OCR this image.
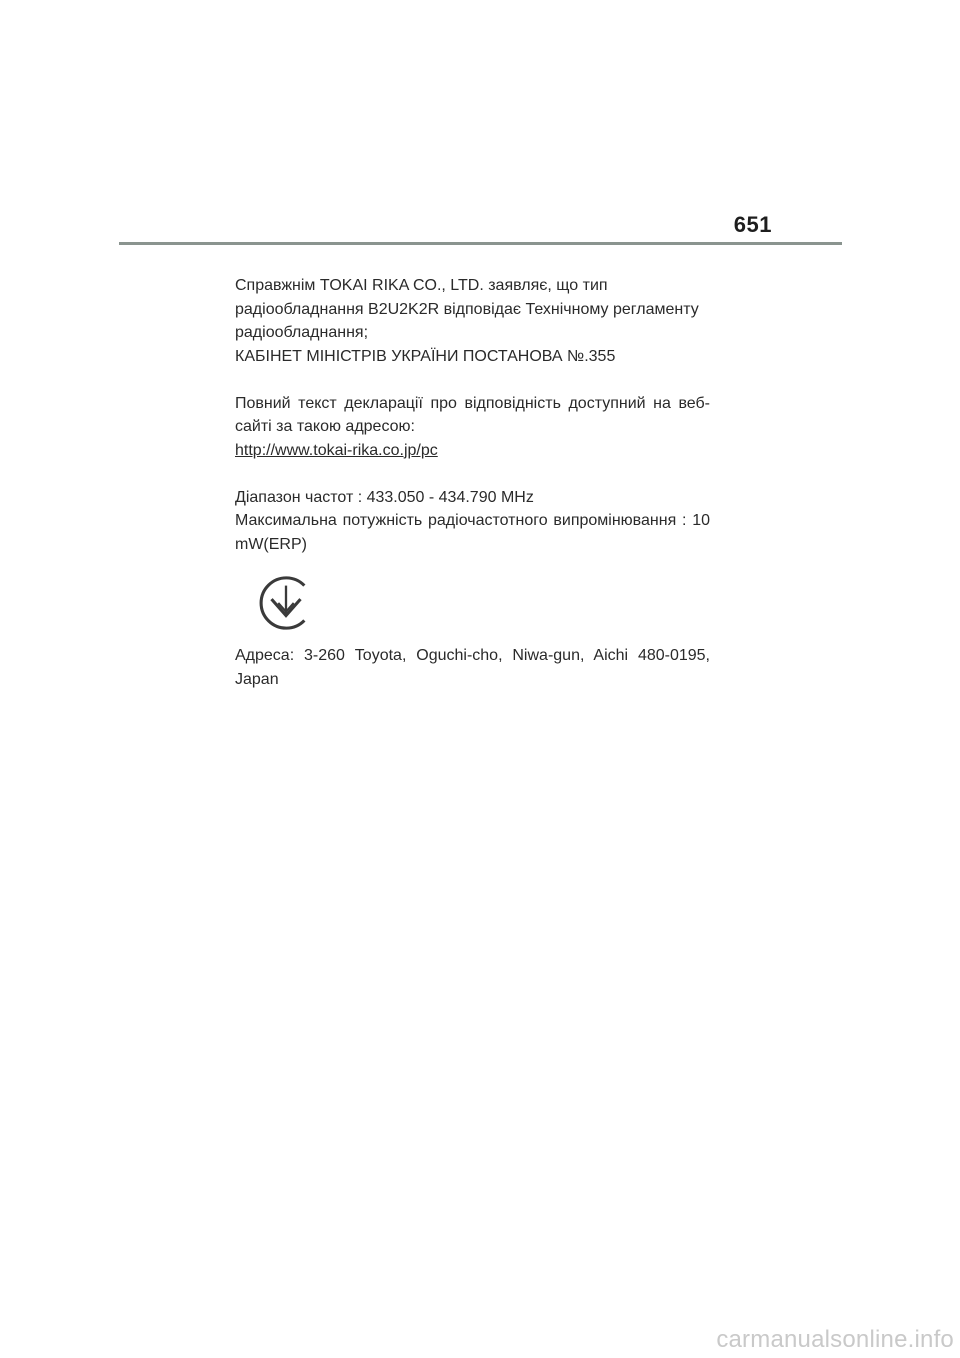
651

Справжнім TOKAI RIKA CO., LTD. заявляє, що тип

радіообладнання B2U2K2R відповідає Технічному регламенту

радіообладнання;

КАБІНЕТ МІНІСТРІВ УКРАЇНИ ПОСТАНОВА №.355

Повний текст декларації про відповідність доступний на веб-сайті за такою адресою:

http://www.tokai-rika.co.jp/pc

Діапазон частот : 433.050 - 434.790 MHz

Максимальна потужність радіочастотного випромінювання : 10 mW(ERP)

Адреса: 3-260 Toyota, Oguchi-cho, Niwa-gun, Aichi 480-0195, Japan

carmanualsonline.info
